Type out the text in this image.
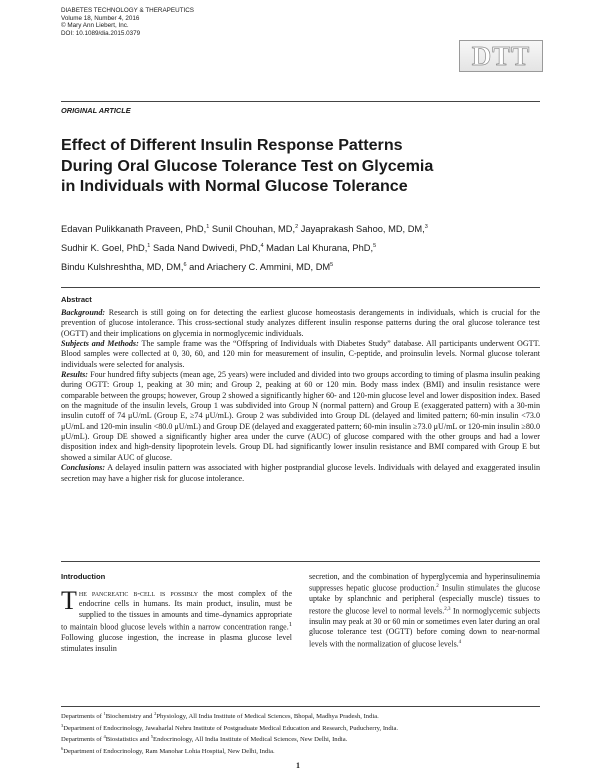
DIABETES TECHNOLOGY & THERAPEUTICS
Volume 18, Number 4, 2016
© Mary Ann Liebert, Inc.
DOI: 10.1089/dia.2015.0379
DTT
ORIGINAL ARTICLE
Effect of Different Insulin Response Patterns
During Oral Glucose Tolerance Test on Glycemia
in Individuals with Normal Glucose Tolerance
Edavan Pulikkanath Praveen, PhD,$^1$ Sunil Chouhan, MD,$^2$ Jayaprakash Sahoo, MD, DM,$^3$
Sudhir K. Goel, PhD,$^1$ Sada Nand Dwivedi, PhD,$^4$ Madan Lal Khurana, PhD,$^5$
Bindu Kulshreshtha, MD, DM,$^6$ and Ariachery C. Ammini, MD, $DM^5$
Abstract

Background: Research is still going on for detecting the earliest glucose homeostasis derangements in individuals, which is crucial for the prevention of glucose intolerance. This cross-sectional study analyzes different insulin response patterns during the oral glucose tolerance test (OGTT) and their implications on glycemia in normoglycemic individuals.

Subjects and Methods: The sample frame was the “Offspring of Individuals with Diabetes Study” database. All participants underwent OGTT. Blood samples were collected at 0, 30, 60, and 120 min for measurement of insulin, C-peptide, and proinsulin levels. Normal glucose tolerant individuals were selected for analysis.

Results: Four hundred fifty subjects (mean age, 25 years) were included and divided into two groups according to timing of plasma insulin peaking during OGTT: Group 1, peaking at 30 min; and Group 2, peaking at 60 or 120 min. Body mass index (BMI) and insulin resistance were comparable between the groups; however, Group 2 showed a significantly higher 60- and 120-min glucose level and lower disposition index. Based on the magnitude of the insulin levels, Group 1 was subdivided into Group N (normal pattern) and Group E (exaggerated pattern) with a 30-min insulin cutoff of 74 μU/mL (Group E, ≥74 μU/mL). Group 2 was subdivided into Group DL (delayed and limited pattern; 60-min insulin <73.0 μU/mL and 120-min insulin <80.0 μU/mL) and Group DE (delayed and exaggerated pattern; 60-min insulin ≥73.0 μU/mL or 120-min insulin ≥80.0 μU/mL). Group DE showed a significantly higher area under the curve (AUC) of glucose compared with the other groups and had a lower disposition index and high-density lipoprotein levels. Group DL had significantly lower insulin resistance and BMI compared with Group E but showed a similar AUC of glucose.

Conclusions: A delayed insulin pattern was associated with higher postprandial glucose levels. Individuals with delayed and exaggerated insulin secretion may have a higher risk for glucose intolerance.

Introduction

The pancreatic β-cell is possibly the most complex of the endocrine cells in humans. Its main product, insulin, must be supplied to the tissues in amounts and time–dynamics appropriate to maintain blood glucose levels within a narrow concentration range.$^1$ Following glucose ingestion, the increase in plasma glucose level stimulates insulin

secretion, and the combination of hyperglycemia and hyperinsulinemia suppresses hepatic glucose production.$^2$ Insulin stimulates the glucose uptake by splanchnic and peripheral (especially muscle) tissues to restore the glucose level to normal levels.$^{2,3}$ In normoglycemic subjects insulin may peak at 30 or 60 min or sometimes even later during an oral glucose tolerance test (OGTT) before coming down to near-normal levels with the normalization of glucose levels.$^4$

Departments of $^1$Biochemistry and $^2$Physiology, All India Institute of Medical Sciences, Bhopal, Madhya Pradesh, India.
$^3$Department of Endocrinology, Jawaharlal Nehru Institute of Postgraduate Medical Education and Research, Puducherry, India.
Departments of $^4$Biostatistics and $^5$Endocrinology, All India Institute of Medical Sciences, New Delhi, India.
$^6$Department of Endocrinology, Ram Manohar Lohia Hospital, New Delhi, India.
1
